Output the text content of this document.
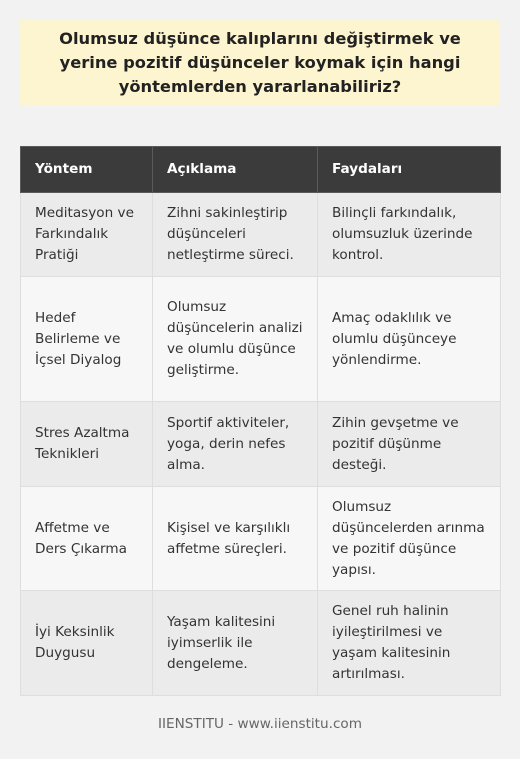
Olumsuz düşünce kalıplarını değiştirmek ve yerine pozitif düşünceler koymak için hangi yöntemlerden yararlanabiliriz?
Yöntem	Açıklama	Faydaları
Meditasyon ve Farkındalık Pratiği	Zihni sakinleştirip düşünceleri netleştirme süreci.	Bilinçli farkındalık, olumsuzluk üzerinde kontrol.
Hedef Belirleme ve İçsel Diyalog	Olumsuz düşüncelerin analizi ve olumlu düşünce geliştirme.	Amaç odaklılık ve olumlu düşünceye yönlendirme.
Stres Azaltma Teknikleri	Sportif aktiviteler, yoga, derin nefes alma.	Zihin gevşetme ve pozitif düşünme desteği.
Affetme ve Ders Çıkarma	Kişisel ve karşılıklı affetme süreçleri.	Olumsuz düşüncelerden arınma ve pozitif düşünce yapısı.
İyi Keksinlik Duygusu	Yaşam kalitesini iyimserlik ile dengeleme.	Genel ruh halinin iyileştirilmesi ve yaşam kalitesinin artırılması.
IIENSTITU - www.iienstitu.com
